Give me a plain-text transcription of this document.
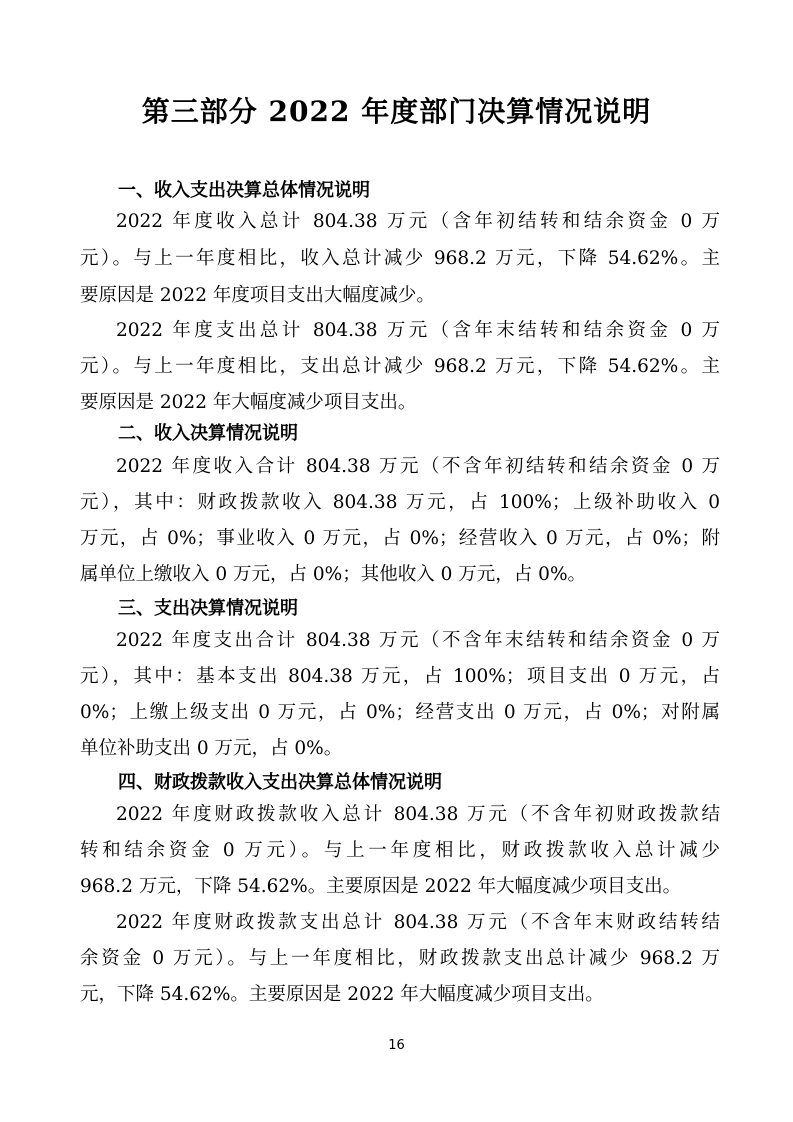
第三部分 2022 年度部门决算情况说明
一、收入支出决算总体情况说明
2022 年度收入总计 804.38 万元（含年初结转和结余资金 0 万
元）。与上一年度相比，收入总计减少 968.2 万元，下降 54.62%。主
要原因是 2022 年度项目支出大幅度减少。
2022 年度支出总计 804.38 万元（含年末结转和结余资金 0 万
元）。与上一年度相比，支出总计减少 968.2 万元，下降 54.62%。主
要原因是 2022 年大幅度减少项目支出。
二、收入决算情况说明
2022 年度收入合计 804.38 万元（不含年初结转和结余资金 0 万
元），其中：财政拨款收入 804.38 万元，占 100%；上级补助收入 0
万元，占 0%；事业收入 0 万元，占 0%；经营收入 0 万元，占 0%；附
属单位上缴收入 0 万元，占 0%；其他收入 0 万元，占 0%。
三、支出决算情况说明
2022 年度支出合计 804.38 万元（不含年末结转和结余资金 0 万
元），其中：基本支出 804.38 万元，占 100%；项目支出 0 万元，占
0%；上缴上级支出 0 万元，占 0%；经营支出 0 万元，占 0%；对附属
单位补助支出 0 万元，占 0%。
四、财政拨款收入支出决算总体情况说明
2022 年度财政拨款收入总计 804.38 万元（不含年初财政拨款结
转和结余资金 0 万元）。与上一年度相比，财政拨款收入总计减少
968.2 万元，下降 54.62%。主要原因是 2022 年大幅度减少项目支出。
2022 年度财政拨款支出总计 804.38 万元（不含年末财政结转结
余资金 0 万元）。与上一年度相比，财政拨款支出总计减少 968.2 万
元，下降 54.62%。主要原因是 2022 年大幅度减少项目支出。
16
